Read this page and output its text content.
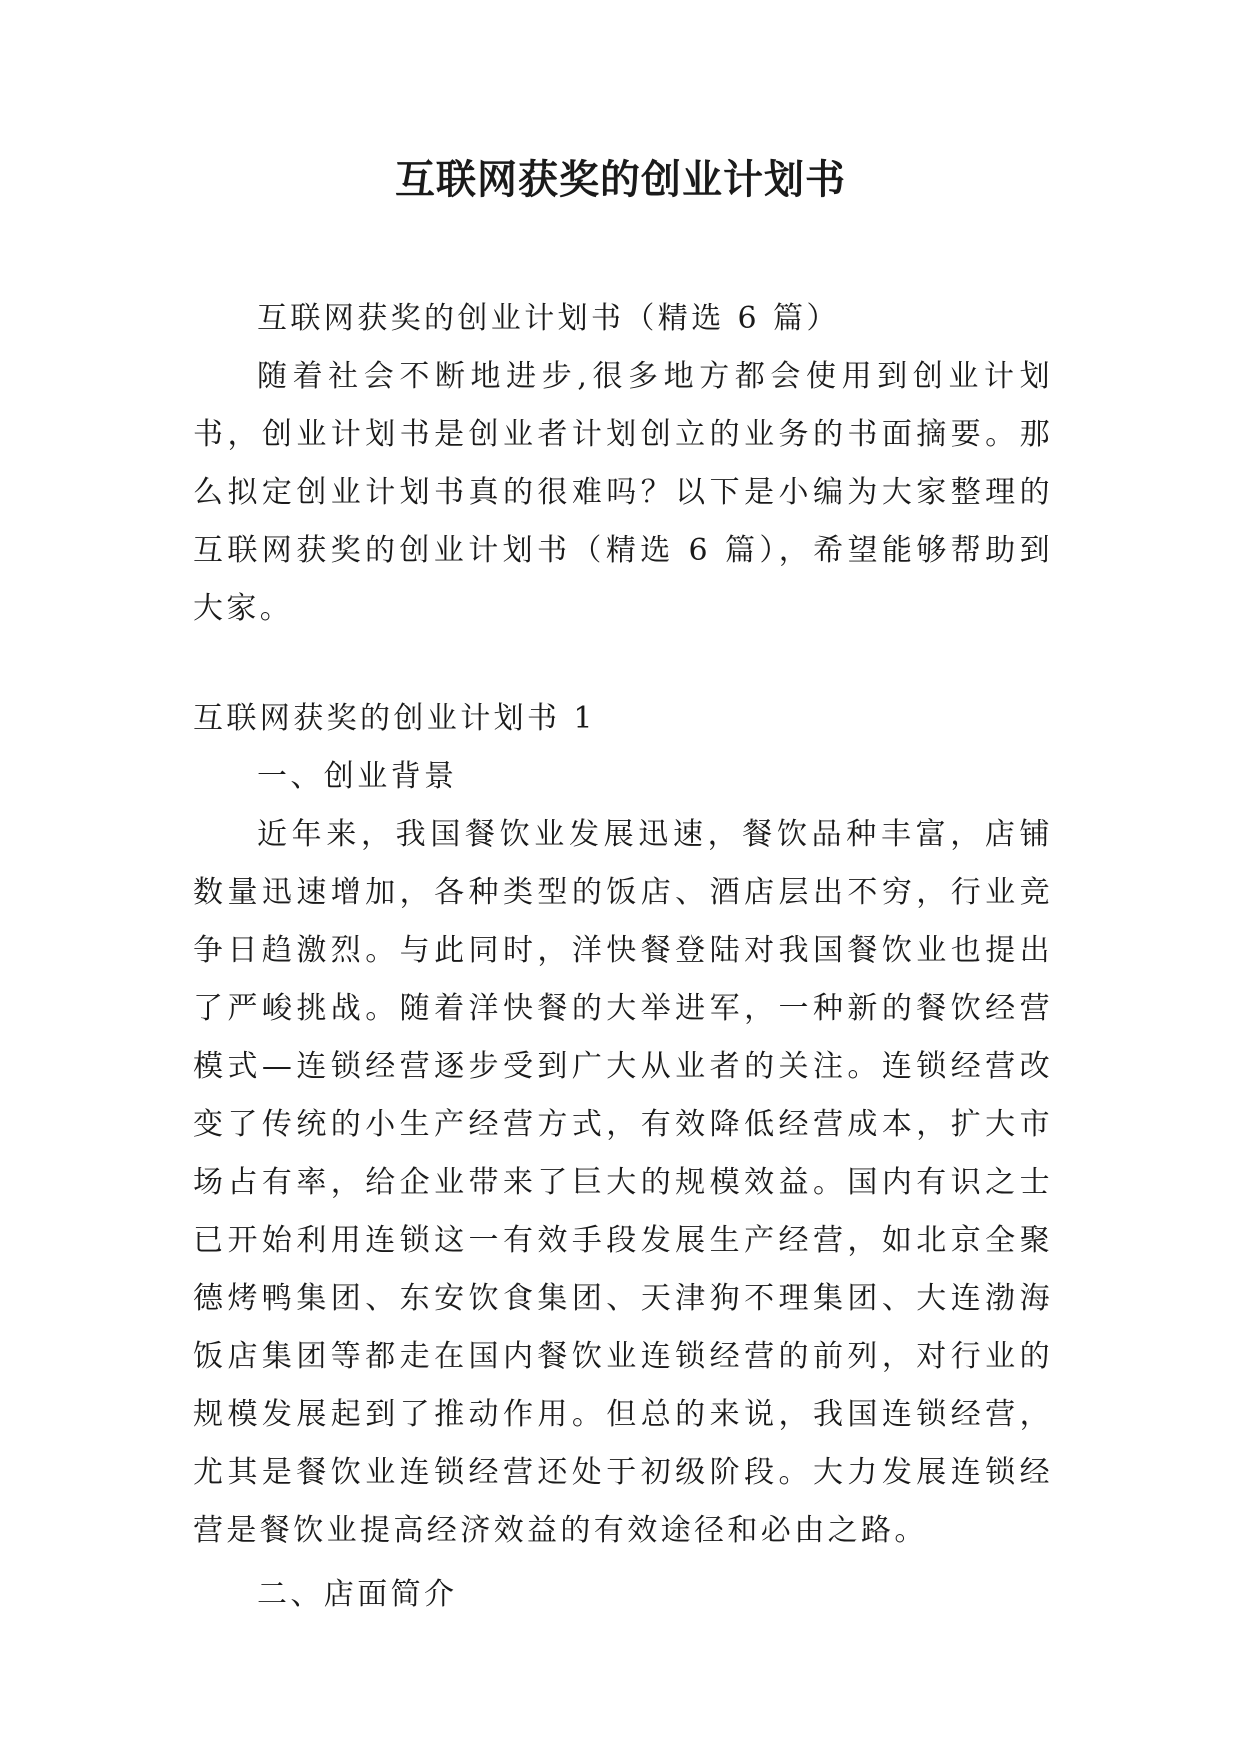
互联网获奖的创业计划书

互联网获奖的创业计划书（精选 6 篇）

随着社会不断地进步,很多地方都会使用到创业计划书，创业计划书是创业者计划创立的业务的书面摘要。那么拟定创业计划书真的很难吗？以下是小编为大家整理的互联网获奖的创业计划书（精选 6 篇），希望能够帮助到大家。

互联网获奖的创业计划书 1

一、创业背景

近年来，我国餐饮业发展迅速，餐饮品种丰富，店铺数量迅速增加，各种类型的饭店、酒店层出不穷，行业竞争日趋激烈。与此同时，洋快餐登陆对我国餐饮业也提出了严峻挑战。随着洋快餐的大举进军，一种新的餐饮经营模式—连锁经营逐步受到广大从业者的关注。连锁经营改变了传统的小生产经营方式，有效降低经营成本，扩大市场占有率，给企业带来了巨大的规模效益。国内有识之士已开始利用连锁这一有效手段发展生产经营，如北京全聚德烤鸭集团、东安饮食集团、天津狗不理集团、大连渤海饭店集团等都走在国内餐饮业连锁经营的前列，对行业的规模发展起到了推动作用。但总的来说，我国连锁经营，尤其是餐饮业连锁经营还处于初级阶段。大力发展连锁经营是餐饮业提高经济效益的有效途径和必由之路。

二、店面简介
